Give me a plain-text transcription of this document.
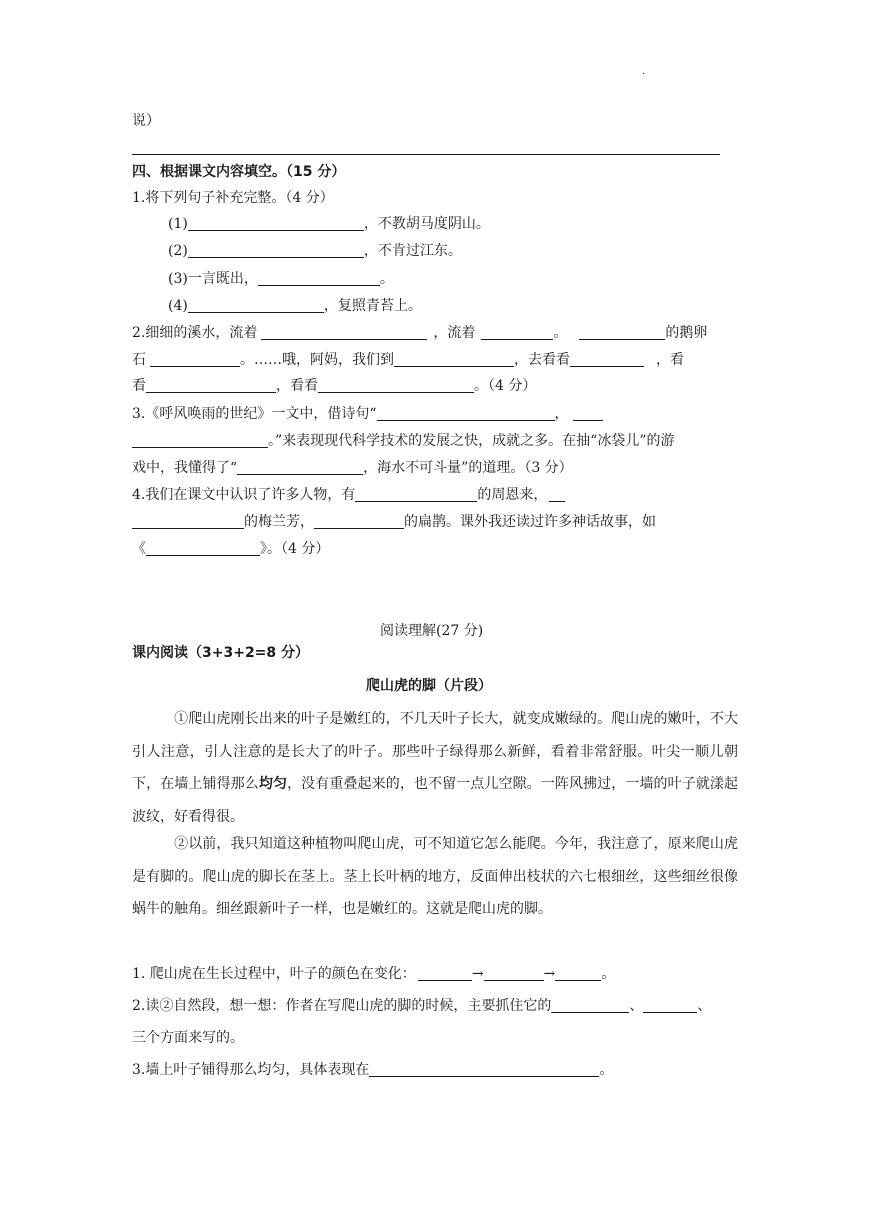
.
说）
四、根据课文内容填空。（15 分）
1.将下列句子补充完整。（4 分）
(1)	，不教胡马度阴山。
(2)	，不肯过江东。
(3)一言既出，	。
(4)	，复照青苔上。
2.细细的溪水，流着	，流着	。	的鹅卵
石	。……哦，阿妈，我们到	，去看看	，看
看	，看看	。（4 分）
3.《呼风唤雨的世纪》一文中，借诗句“	，
。”来表现现代科学技术的发展之快，成就之多。在抽“冰袋儿”的游
戏中，我懂得了“	，海水不可斗量”的道理。（3 分）
4.我们在课文中认识了许多人物，有	的周恩来，
的梅兰芳，	的扁鹊。课外我还读过许多神话故事，如
《	》。（4 分）
阅读理解(27 分)
课内阅读（3+3+2=8 分）
爬山虎的脚（片段）
①爬山虎刚长出来的叶子是嫩红的，不几天叶子长大，就变成嫩绿的。爬山虎的嫩叶，不大引人注意，引人注意的是长大了的叶子。那些叶子绿得那么新鲜，看着非常舒服。叶尖一顺儿朝下，在墙上铺得那么均匀，没有重叠起来的，也不留一点儿空隙。一阵风拂过，一墙的叶子就漾起波纹，好看得很。
②以前，我只知道这种植物叫爬山虎，可不知道它怎么能爬。今年，我注意了，原来爬山虎是有脚的。爬山虎的脚长在茎上。茎上长叶柄的地方，反面伸出枝状的六七根细丝，这些细丝很像蜗牛的触角。细丝跟新叶子一样，也是嫩红的。这就是爬山虎的脚。
1. 爬山虎在生长过程中，叶子的颜色在变化：	→	→	。
2.读②自然段，想一想：作者在写爬山虎的脚的时候，主要抓住它的	、	、
三个方面来写的。
3.墙上叶子铺得那么均匀，具体表现在	。
